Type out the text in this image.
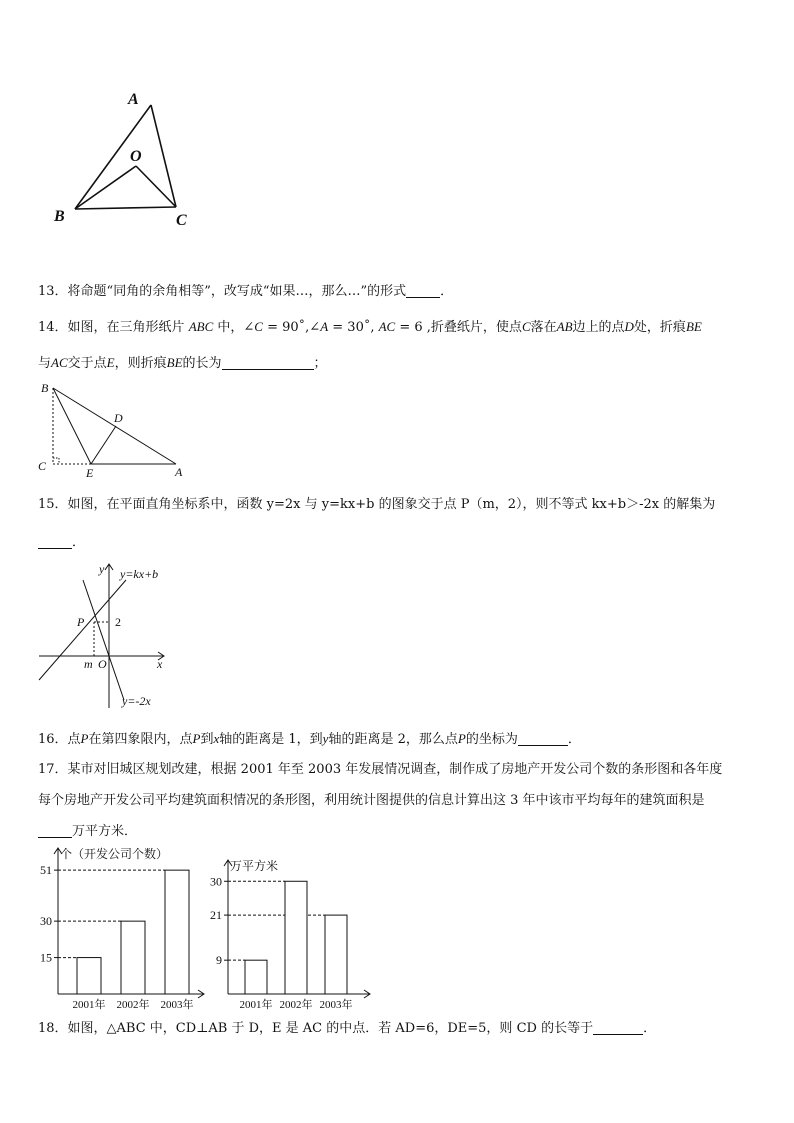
A
O
B	C
13．将命题“同角的余角相等”，改写成“如果…，那么…”的形式	．
14．如图，在三角形纸片 ABC 中，∠C = 90˚,∠A = 30˚, AC = 6 ,折叠纸片，使点C落在AB边上的点D处，折痕BE
与AC交于点E，则折痕BE的长为	；
B
D
C	E	A
15．如图，在平面直角坐标系中，函数 y=2x 与 y=kx+b 的图象交于点 P（m，2），则不等式 kx+b＞-2x 的解集为
．
y y=kx+b
P	2
x
m O
y=-2x
16．点P在第四象限内，点P到x轴的距离是 1，到y轴的距离是 2，那么点P的坐标为	．
17．某市对旧城区规划改建，根据 2001 年至 2003 年发展情况调查，制作成了房地产开发公司个数的条形图和各年度
每个房地产开发公司平均建筑面积情况的条形图，利用统计图提供的信息计算出这 3 年中该市平均每年的建筑面积是
万平方米．
个（开发公司个数）
15
30
51
2001年 2002年 2003年
万平方米
9
21
30
2001年 2002年 2003年
18．如图，△ABC 中，CD⊥AB 于 D，E 是 AC 的中点．若 AD=6，DE=5，则 CD 的长等于	．
